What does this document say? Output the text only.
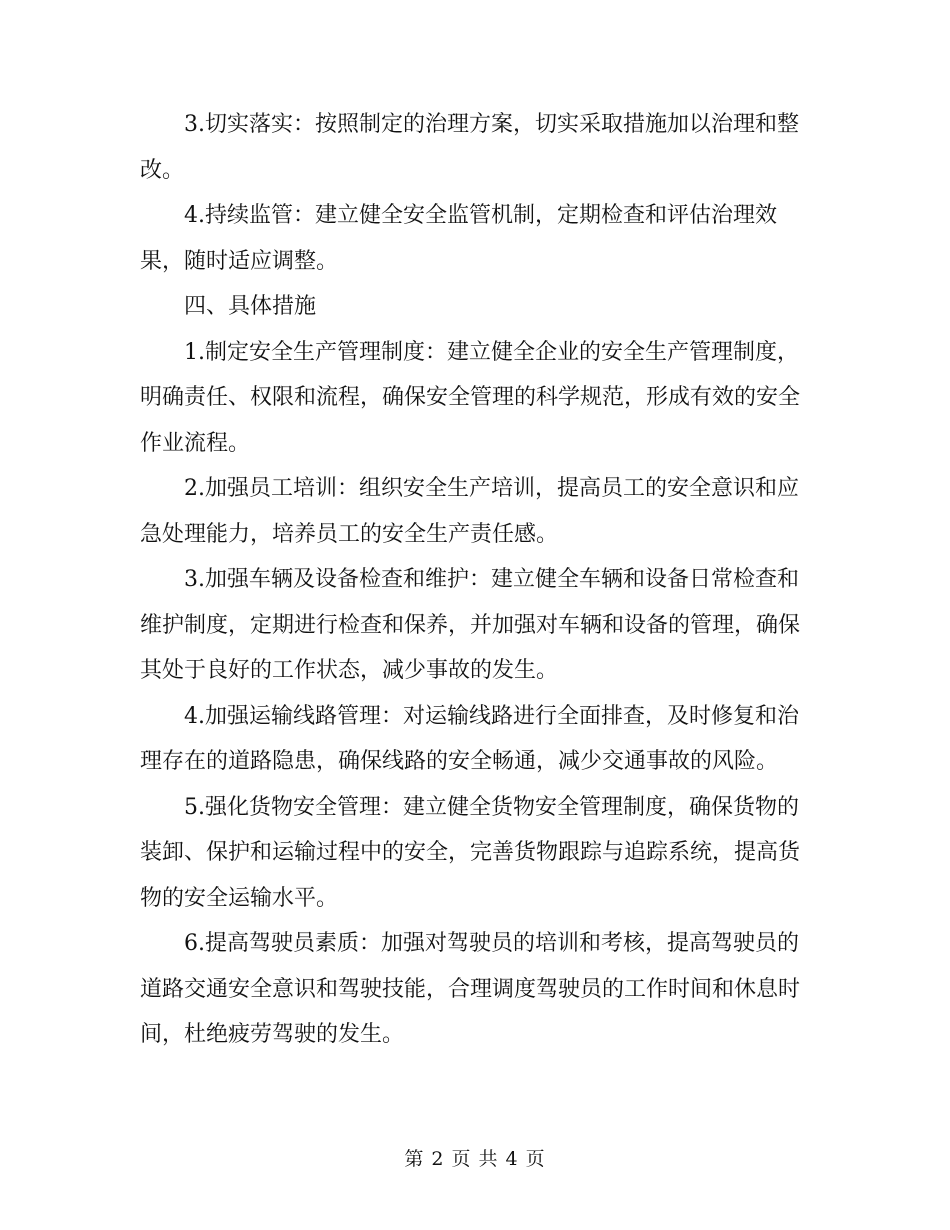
3.切实落实：按照制定的治理方案，切实采取措施加以治理和整改。

4.持续监管：建立健全安全监管机制，定期检查和评估治理效果，随时适应调整。

四、具体措施

1.制定安全生产管理制度：建立健全企业的安全生产管理制度，明确责任、权限和流程，确保安全管理的科学规范，形成有效的安全作业流程。

2.加强员工培训：组织安全生产培训，提高员工的安全意识和应急处理能力，培养员工的安全生产责任感。

3.加强车辆及设备检查和维护：建立健全车辆和设备日常检查和维护制度，定期进行检查和保养，并加强对车辆和设备的管理，确保其处于良好的工作状态，减少事故的发生。

4.加强运输线路管理：对运输线路进行全面排查，及时修复和治理存在的道路隐患，确保线路的安全畅通，减少交通事故的风险。

5.强化货物安全管理：建立健全货物安全管理制度，确保货物的装卸、保护和运输过程中的安全，完善货物跟踪与追踪系统，提高货物的安全运输水平。

6.提高驾驶员素质：加强对驾驶员的培训和考核，提高驾驶员的道路交通安全意识和驾驶技能，合理调度驾驶员的工作时间和休息时间，杜绝疲劳驾驶的发生。

第 2 页 共 4 页
